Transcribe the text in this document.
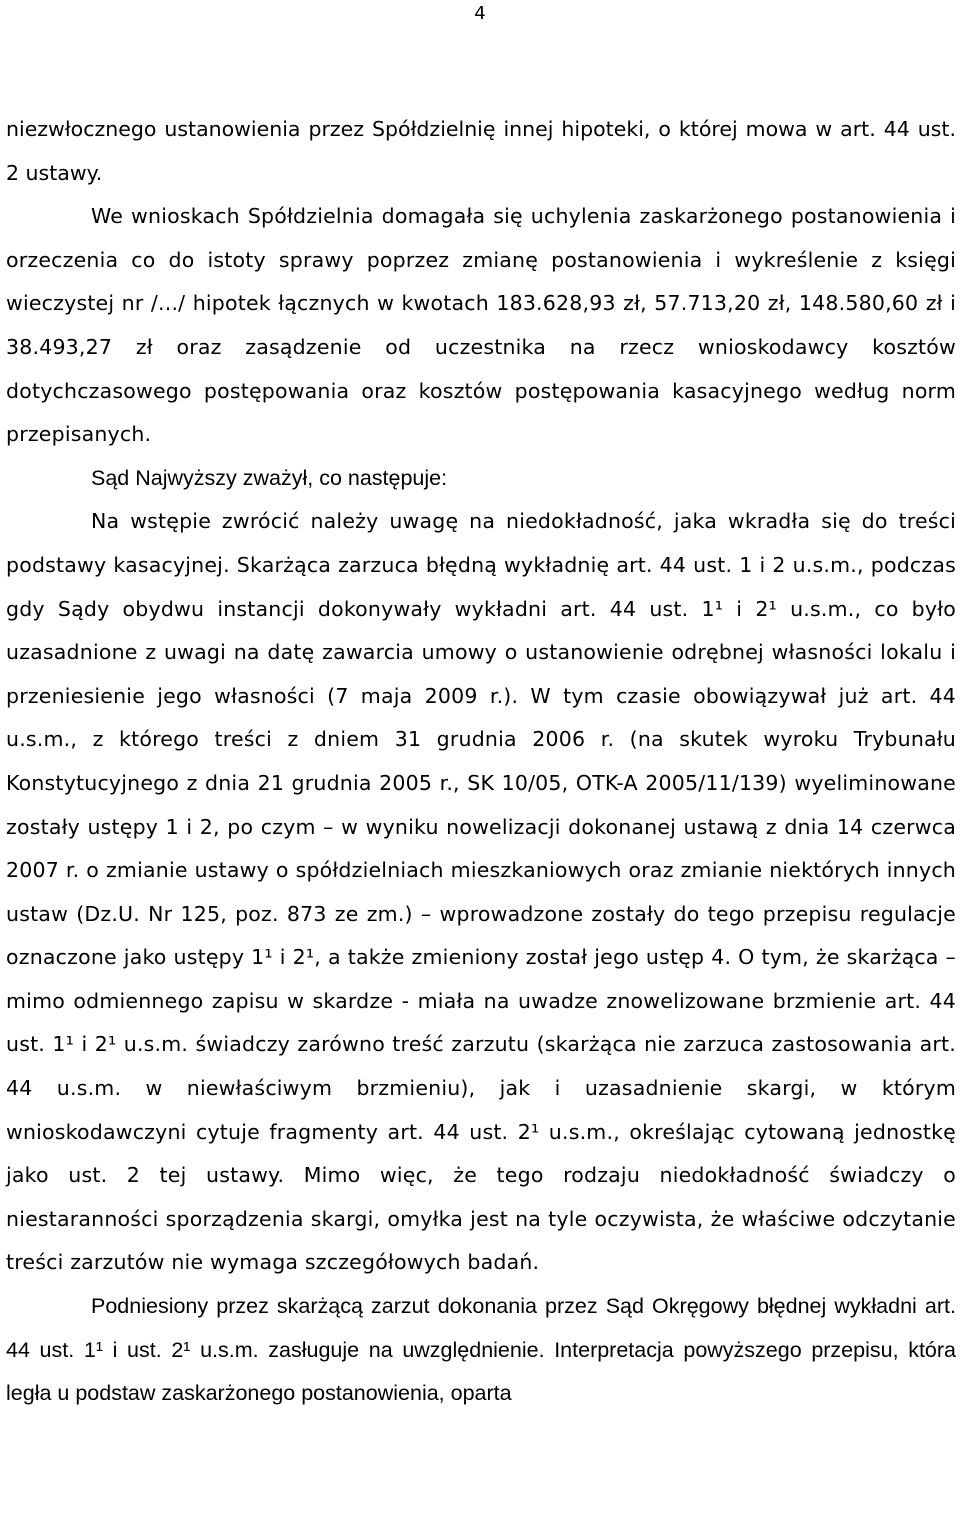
4

niezwłocznego ustanowienia przez Spółdzielnię innej hipoteki, o której mowa w art. 44 ust. 2 ustawy.

We wnioskach Spółdzielnia domagała się uchylenia zaskarżonego postanowienia i orzeczenia co do istoty sprawy poprzez zmianę postanowienia i wykreślenie z księgi wieczystej nr /.../ hipotek łącznych w kwotach 183.628,93 zł, 57.713,20 zł, 148.580,60 zł i 38.493,27 zł oraz zasądzenie od uczestnika na rzecz wnioskodawcy kosztów dotychczasowego postępowania oraz kosztów postępowania kasacyjnego według norm przepisanych.

Sąd Najwyższy zważył, co następuje:

Na wstępie zwrócić należy uwagę na niedokładność, jaka wkradła się do treści podstawy kasacyjnej. Skarżąca zarzuca błędną wykładnię art. 44 ust. 1 i 2 u.s.m., podczas gdy Sądy obydwu instancji dokonywały wykładni art. 44 ust. 1¹ i 2¹ u.s.m., co było uzasadnione z uwagi na datę zawarcia umowy o ustanowienie odrębnej własności lokalu i przeniesienie jego własności (7 maja 2009 r.). W tym czasie obowiązywał już art. 44 u.s.m., z którego treści z dniem 31 grudnia 2006 r. (na skutek wyroku Trybunału Konstytucyjnego z dnia 21 grudnia 2005 r., SK 10/05, OTK-A 2005/11/139) wyeliminowane zostały ustępy 1 i 2, po czym – w wyniku nowelizacji dokonanej ustawą z dnia 14 czerwca 2007 r. o zmianie ustawy o spółdzielniach mieszkaniowych oraz zmianie niektórych innych ustaw (Dz.U. Nr 125, poz. 873 ze zm.) – wprowadzone zostały do tego przepisu regulacje oznaczone jako ustępy 1¹ i 2¹, a także zmieniony został jego ustęp 4. O tym, że skarżąca – mimo odmiennego zapisu w skardze - miała na uwadze znowelizowane brzmienie art. 44 ust. 1¹ i 2¹ u.s.m. świadczy zarówno treść zarzutu (skarżąca nie zarzuca zastosowania art. 44 u.s.m. w niewłaściwym brzmieniu), jak i uzasadnienie skargi, w którym wnioskodawczyni cytuje fragmenty art. 44 ust. 2¹ u.s.m., określając cytowaną jednostkę jako ust. 2 tej ustawy. Mimo więc, że tego rodzaju niedokładność świadczy o niestaranności sporządzenia skargi, omyłka jest na tyle oczywista, że właściwe odczytanie treści zarzutów nie wymaga szczegółowych badań.

Podniesiony przez skarżącą zarzut dokonania przez Sąd Okręgowy błędnej wykładni art. 44 ust. 1¹ i ust. 2¹ u.s.m. zasługuje na uwzględnienie. Interpretacja powyższego przepisu, która legła u podstaw zaskarżonego postanowienia, oparta
